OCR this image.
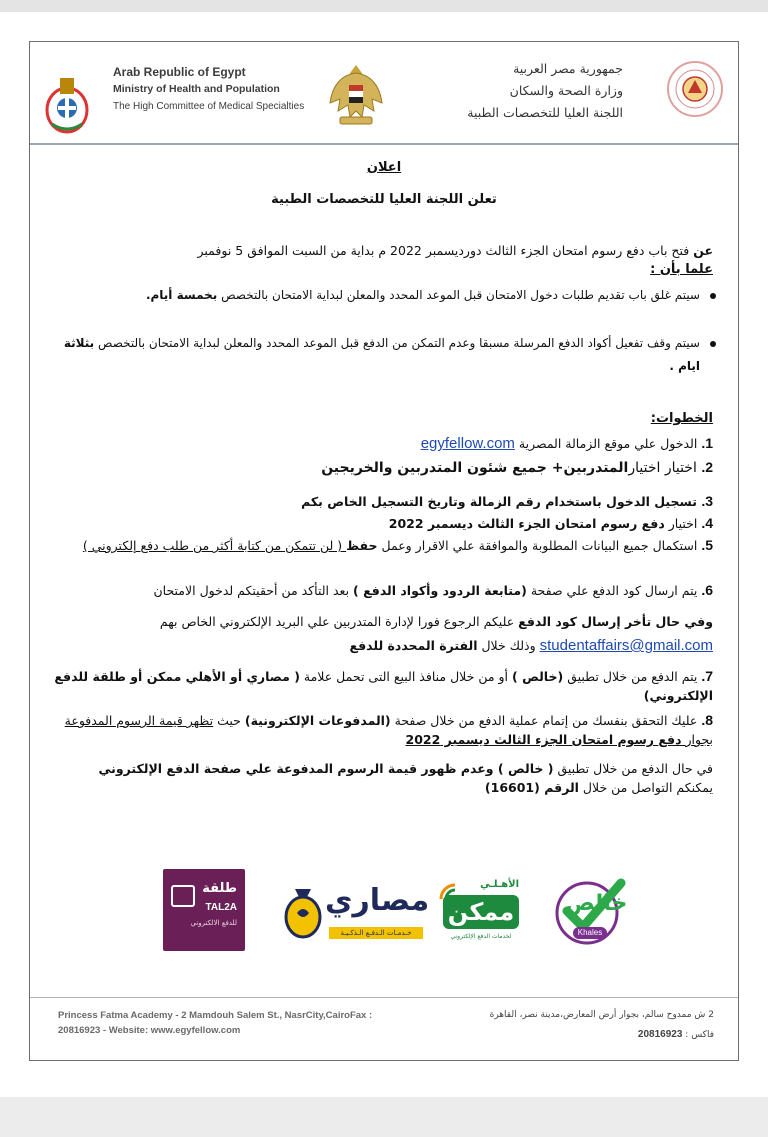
Arab Republic of Egypt
Ministry of Health and Population
The High Committee of Medical Specialties
جمهورية مصر العربية
وزارة الصحة والسكان
اللجنة العليا للتخصصات الطبية
اعلان
تعلن اللجنة العليا للتخصصات الطبية
عن فتح باب دفع رسوم امتحان الجزء الثالث دورديسمبر 2022 م بداية من السبت الموافق 5 نوفمبر
علما بأن :
سيتم غلق باب تقديم طلبات دخول الامتحان قبل الموعد المحدد والمعلن لبداية الامتحان بالتخصص بخمسة أيام.
سيتم وقف تفعيل أكواد الدفع المرسلة مسبقا وعدم التمكن من الدفع قبل الموعد المحدد والمعلن لبداية الامتحان بالتخصص بثلاثة ايام .
الخطوات:
1. الدخول علي موقع الزمالة المصرية egyfellow.com
2. اختيار اختيارالمتدربين+ جميع شئون المتدربين والخريجين
3. تسجيل الدخول باستخدام رقم الزمالة وتاريخ التسجيل الخاص بكم
4. اختيار دفع رسوم امتحان الجزء الثالث ديسمبر 2022
5. استكمال جميع البيانات المطلوبة والموافقة علي الاقرار وعمل حفظ ( لن تتمكن من كتابة أكثر من طلب دفع إلكتروني )
6. يتم ارسال كود الدفع علي صفحة (متابعة الردود وأكواد الدفع ) بعد التأكد من أحقيتكم لدخول الامتحان
وفي حال تأخر إرسال كود الدفع عليكم الرجوع فورا لإدارة المتدربين علي البريد الإلكتروني الخاص بهم studentaffairs@gmail.com وذلك خلال الفترة المحددة للدفع
7. يتم الدفع من خلال تطبيق (خالص ) أو من خلال منافذ البيع التى تحمل علامة ( مصاري أو الأهلي ممكن أو طلقة للدفع الإلكتروني)
8. عليك التحقق بنفسك من إتمام عملية الدفع من خلال صفحة (المدفوعات الإلكترونية) حيث تظهر قيمة الرسوم المدفوعة بجوار دفع رسوم امتحان الجزء الثالث ديسمبر 2022
في حال الدفع من خلال تطبيق ( خالص ) وعدم ظهور قيمة الرسوم المدفوعة علي صفحة الدفع الإلكتروني
يمكنكم التواصل من خلال الرقم (16601)
طلقة
TAL2A
للدفع الالكتروني
مصاري
خـدمـات الـدفـع الـذكـيـة
الأهـلـي
ممكن
لخدمات الدفع الإلكتروني
خالص
Khales
Princess Fatma Academy - 2 Mamdouh Salem St., NasrCity,CairoFax : 20816923 - Website: www.egyfellow.com
2 ش ممدوح سالم، بجوار أرض المعارض،مدينة نصر، القاهرة
فاكس : 20816923
